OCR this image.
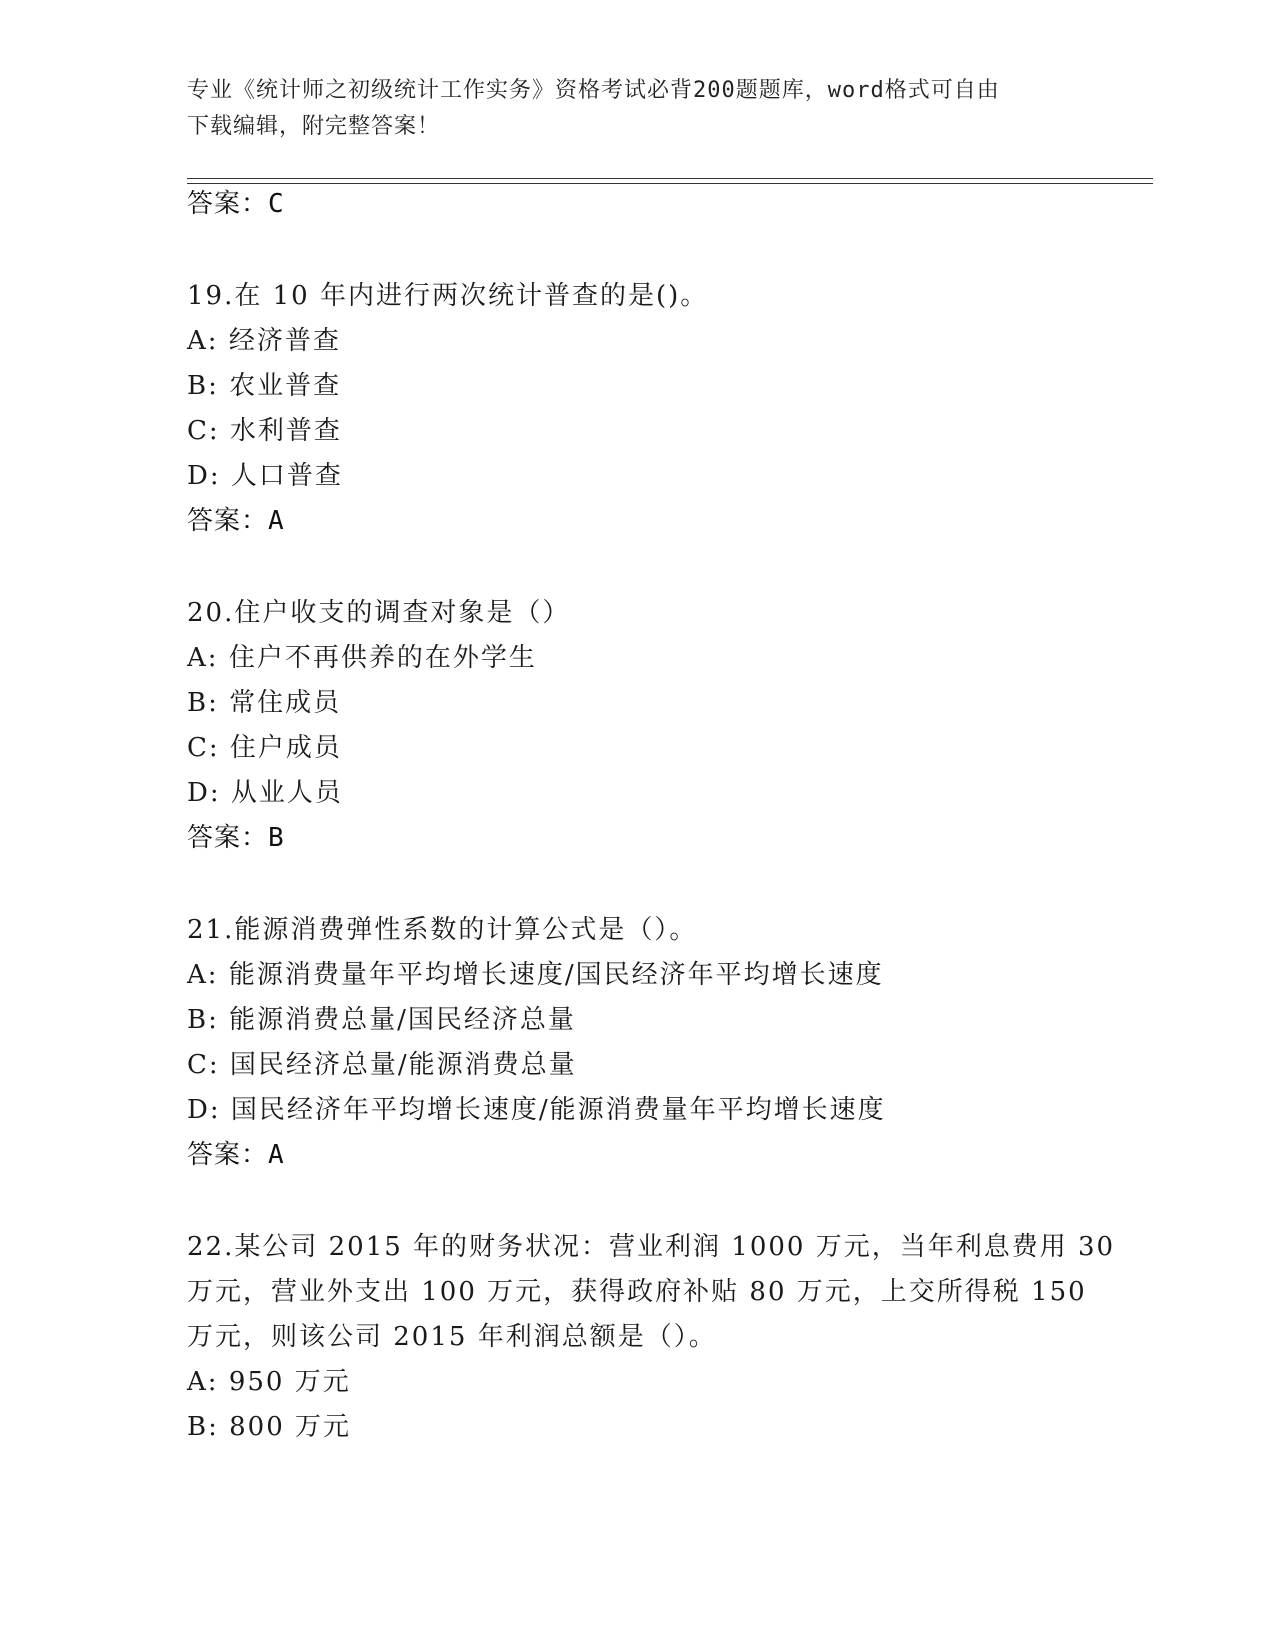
专业《统计师之初级统计工作实务》资格考试必背200题题库，word格式可自由
下载编辑，附完整答案！
答案：C
19.在 10 年内进行两次统计普查的是()。
A: 经济普查
B: 农业普查
C: 水利普查
D: 人口普查
答案：A
20.住户收支的调查对象是（）
A: 住户不再供养的在外学生
B: 常住成员
C: 住户成员
D: 从业人员
答案：B
21.能源消费弹性系数的计算公式是（）。
A: 能源消费量年平均增长速度/国民经济年平均增长速度
B: 能源消费总量/国民经济总量
C: 国民经济总量/能源消费总量
D: 国民经济年平均增长速度/能源消费量年平均增长速度
答案：A
22.某公司 2015 年的财务状况：营业利润 1000 万元，当年利息费用 30
万元，营业外支出 100 万元，获得政府补贴 80 万元，上交所得税 150
万元，则该公司 2015 年利润总额是（）。
A: 950 万元
B: 800 万元
